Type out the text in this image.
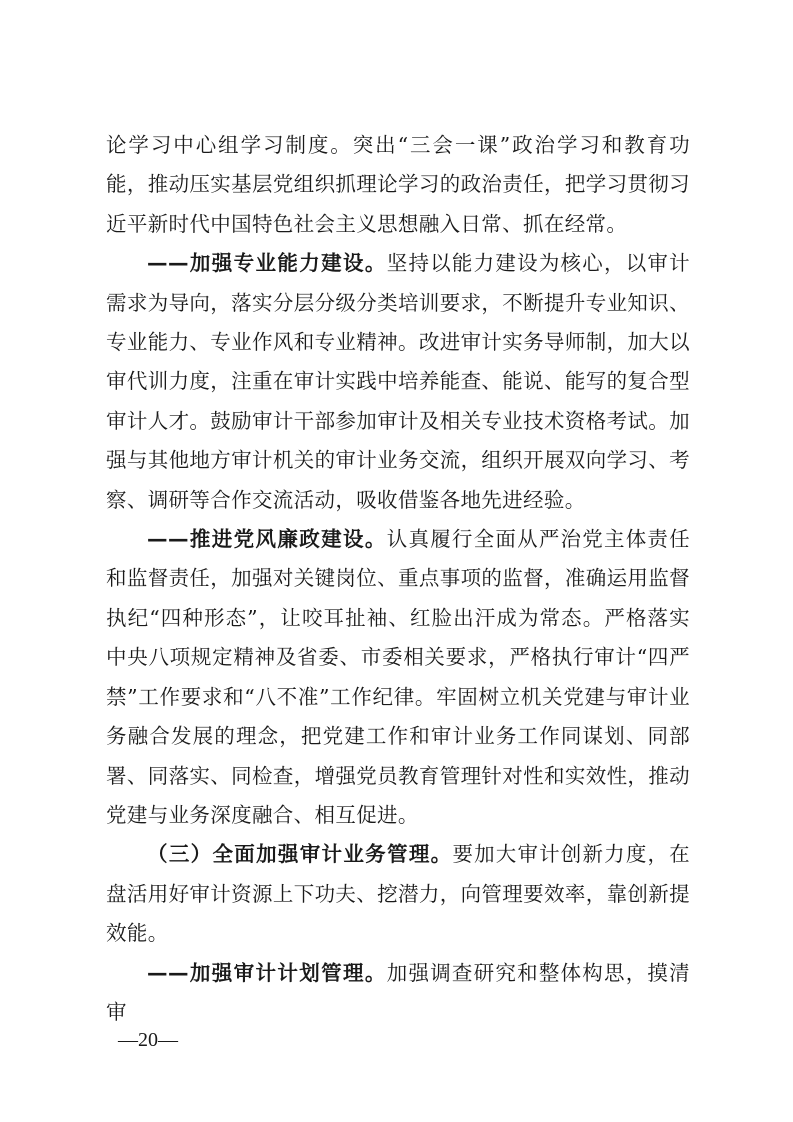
论学习中心组学习制度。突出“三会一课”政治学习和教育功能，推动压实基层党组织抓理论学习的政治责任，把学习贯彻习近平新时代中国特色社会主义思想融入日常、抓在经常。

——加强专业能力建设。坚持以能力建设为核心，以审计需求为导向，落实分层分级分类培训要求，不断提升专业知识、专业能力、专业作风和专业精神。改进审计实务导师制，加大以审代训力度，注重在审计实践中培养能查、能说、能写的复合型审计人才。鼓励审计干部参加审计及相关专业技术资格考试。加强与其他地方审计机关的审计业务交流，组织开展双向学习、考察、调研等合作交流活动，吸收借鉴各地先进经验。

——推进党风廉政建设。认真履行全面从严治党主体责任和监督责任，加强对关键岗位、重点事项的监督，准确运用监督执纪“四种形态”，让咬耳扯袖、红脸出汗成为常态。严格落实中央八项规定精神及省委、市委相关要求，严格执行审计“四严禁”工作要求和“八不准”工作纪律。牢固树立机关党建与审计业务融合发展的理念，把党建工作和审计业务工作同谋划、同部署、同落实、同检查，增强党员教育管理针对性和实效性，推动党建与业务深度融合、相互促进。

（三）全面加强审计业务管理。要加大审计创新力度，在盘活用好审计资源上下功夫、挖潜力，向管理要效率，靠创新提效能。

——加强审计计划管理。加强调查研究和整体构思，摸清审

—20—
